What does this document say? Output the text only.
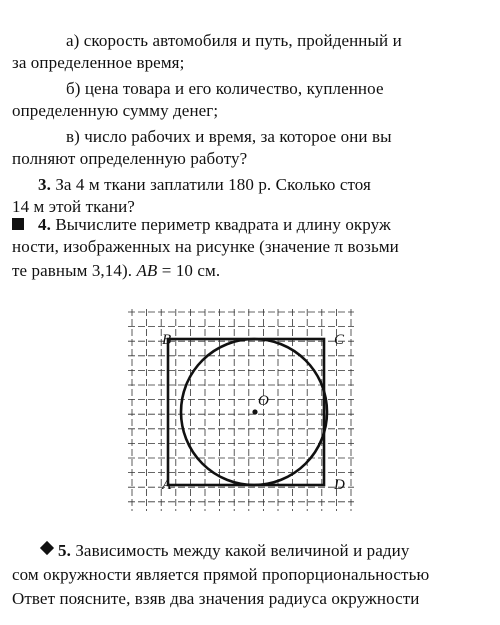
а) скорость автомобиля и путь, пройденный и
за определенное время;
б) цена товара и его количество, купленное
определенную сумму денег;
в) число рабочих и время, за которое они вы
полняют определенную работу?
3. За 4 м ткани заплатили 180 р. Сколько стоя
14 м этой ткани?
4. Вычислите периметр квадрата и длину окруж
ности, изображенных на рисунке (значение π возьми
те равным 3,14). AB = 10 см.
B	C
A	D
O
5. Зависимость между какой величиной и радиу
сом окружности является прямой пропорциональностью
Ответ поясните, взяв два значения радиуса окружности
